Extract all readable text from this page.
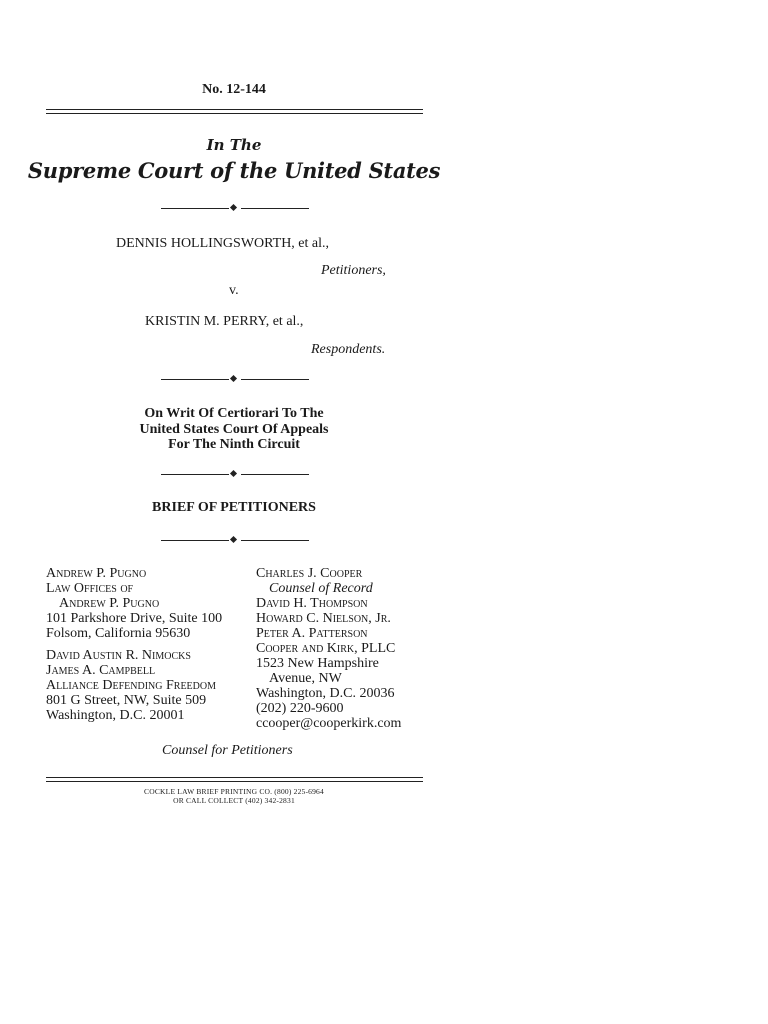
No. 12-144
In The
Supreme Court of the United States
DENNIS HOLLINGSWORTH, et al.,
Petitioners,
v.
KRISTIN M. PERRY, et al.,
Respondents.
On Writ Of Certiorari To The
United States Court Of Appeals
For The Ninth Circuit
BRIEF OF PETITIONERS
Andrew P. Pugno
Law Offices of
Andrew P. Pugno
101 Parkshore Drive, Suite 100
Folsom, California 95630
David Austin R. Nimocks
James A. Campbell
Alliance Defending Freedom
801 G Street, NW, Suite 509
Washington, D.C. 20001
Charles J. Cooper
Counsel of Record
David H. Thompson
Howard C. Nielson, Jr.
Peter A. Patterson
Cooper and Kirk, PLLC
1523 New Hampshire
Avenue, NW
Washington, D.C. 20036
(202) 220-9600
ccooper@cooperkirk.com
Counsel for Petitioners
COCKLE LAW BRIEF PRINTING CO. (800) 225-6964
OR CALL COLLECT (402) 342-2831
